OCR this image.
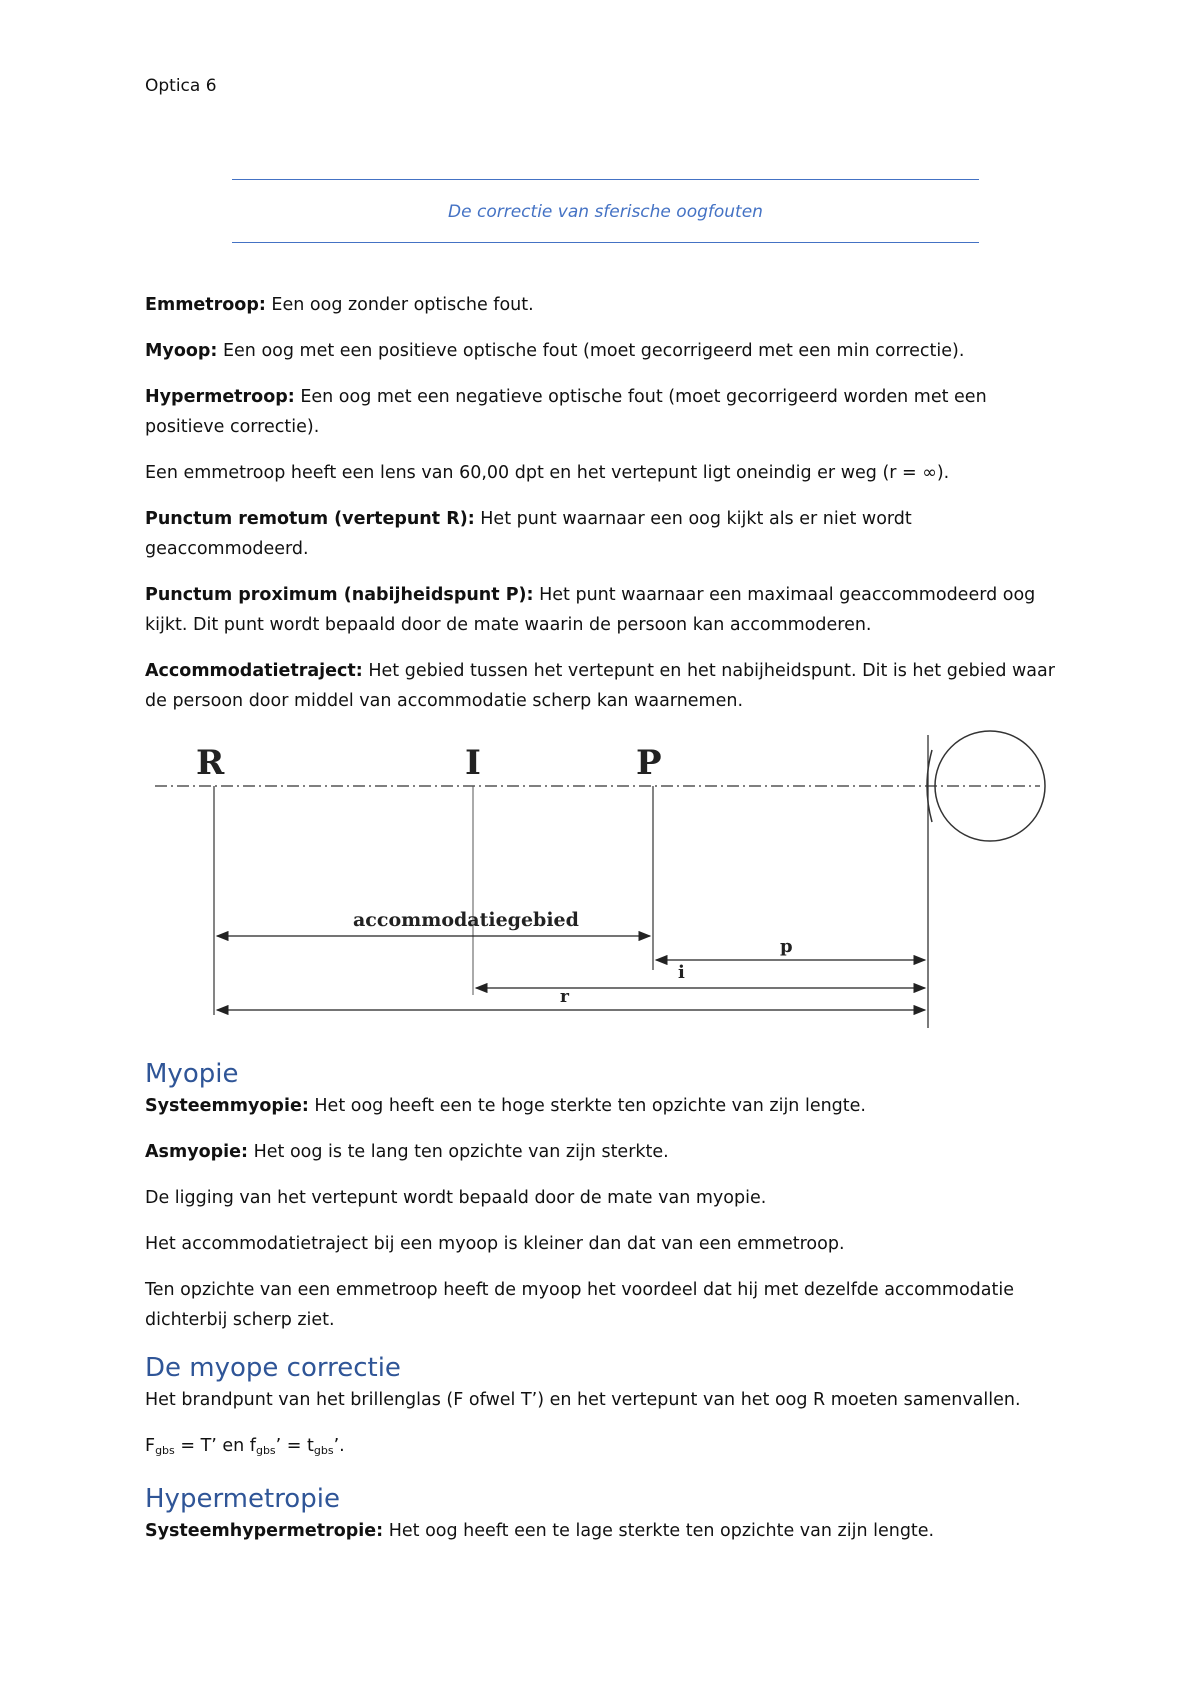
Optica 6
De correctie van sferische oogfouten

Emmetroop: Een oog zonder optische fout.

Myoop: Een oog met een positieve optische fout (moet gecorrigeerd met een min correctie).

Hypermetroop: Een oog met een negatieve optische fout (moet gecorrigeerd worden met een positieve correctie).

Een emmetroop heeft een lens van 60,00 dpt en het vertepunt ligt oneindig er weg (r = ∞).

Punctum remotum (vertepunt R): Het punt waarnaar een oog kijkt als er niet wordt geaccommodeerd.

Punctum proximum (nabijheidspunt P): Het punt waarnaar een maximaal geaccommodeerd oog kijkt. Dit punt wordt bepaald door de mate waarin de persoon kan accommoderen.

Accommodatietraject: Het gebied tussen het vertepunt en het nabijheidspunt. Dit is het gebied waar de persoon door middel van accommodatie scherp kan waarnemen.

Myopie

Systeemmyopie: Het oog heeft een te hoge sterkte ten opzichte van zijn lengte.

Asmyopie: Het oog is te lang ten opzichte van zijn sterkte.

De ligging van het vertepunt wordt bepaald door de mate van myopie.

Het accommodatietraject bij een myoop is kleiner dan dat van een emmetroop.

Ten opzichte van een emmetroop heeft de myoop het voordeel dat hij met dezelfde accommodatie dichterbij scherp ziet.

De myope correctie

Het brandpunt van het brillenglas (F ofwel T’) en het vertepunt van het oog R moeten samenvallen.

$F_{gbs} = T$’ en $f_{gbs}$’ = $t_{gbs}$’.

Hypermetropie

Systeemhypermetropie: Het oog heeft een te lage sterkte ten opzichte van zijn lengte.

R	I	P
accommodatiegebied
p
i
r
